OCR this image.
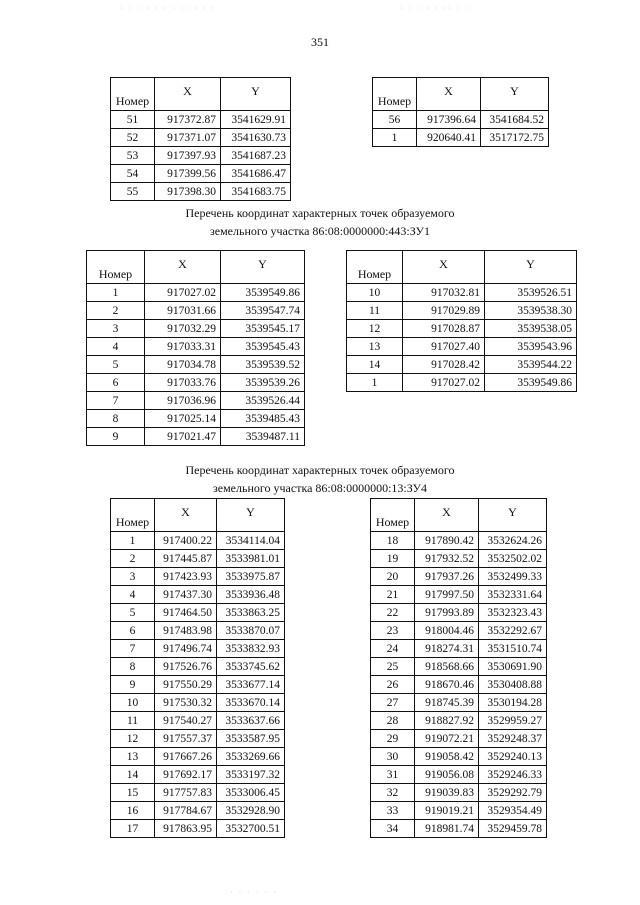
· · · · · · · ·· · · ·	· · · · · ·· · ·
351
Номер	X	Y
51	917372.87	3541629.91
52	917371.07	3541630.73
53	917397.93	3541687.23
54	917399.56	3541686.47
55	917398.30	3541683.75
Номер	X	Y
56	917396.64	3541684.52
1	920640.41	3517172.75
Перечень координат характерных точек образуемого
земельного участка 86:08:0000000:443:ЗУ1
Номер	X	Y
1	917027.02	3539549.86
2	917031.66	3539547.74
3	917032.29	3539545.17
4	917033.31	3539545.43
5	917034.78	3539539.52
6	917033.76	3539539.26
7	917036.96	3539526.44
8	917025.14	3539485.43
9	917021.47	3539487.11
Номер	X	Y
10	917032.81	3539526.51
11	917029.89	3539538.30
12	917028.87	3539538.05
13	917027.40	3539543.96
14	917028.42	3539544.22
1	917027.02	3539549.86
Перечень координат характерных точек образуемого
земельного участка 86:08:0000000:13:ЗУ4
Номер	X	Y
1	917400.22	3534114.04
2	917445.87	3533981.01
3	917423.93	3533975.87
4	917437.30	3533936.48
5	917464.50	3533863.25
6	917483.98	3533870.07
7	917496.74	3533832.93
8	917526.76	3533745.62
9	917550.29	3533677.14
10	917530.32	3533670.14
11	917540.27	3533637.66
12	917557.37	3533587.95
13	917667.26	3533269.66
14	917692.17	3533197.32
15	917757.83	3533006.45
16	917784.67	3532928.90
17	917863.95	3532700.51
Номер	X	Y
18	917890.42	3532624.26
19	917932.52	3532502.02
20	917937.26	3532499.33
21	917997.50	3532331.64
22	917993.89	3532323.43
23	918004.46	3532292.67
24	918274.31	3531510.74
25	918568.66	3530691.90
26	918670.46	3530408.88
27	918745.39	3530194.28
28	918827.92	3529959.27
29	919072.21	3529248.37
30	919058.42	3529240.13
31	919056.08	3529246.33
32	919039.83	3529292.79
33	919019.21	3529354.49
34	918981.74	3529459.78
· · · · · ·
